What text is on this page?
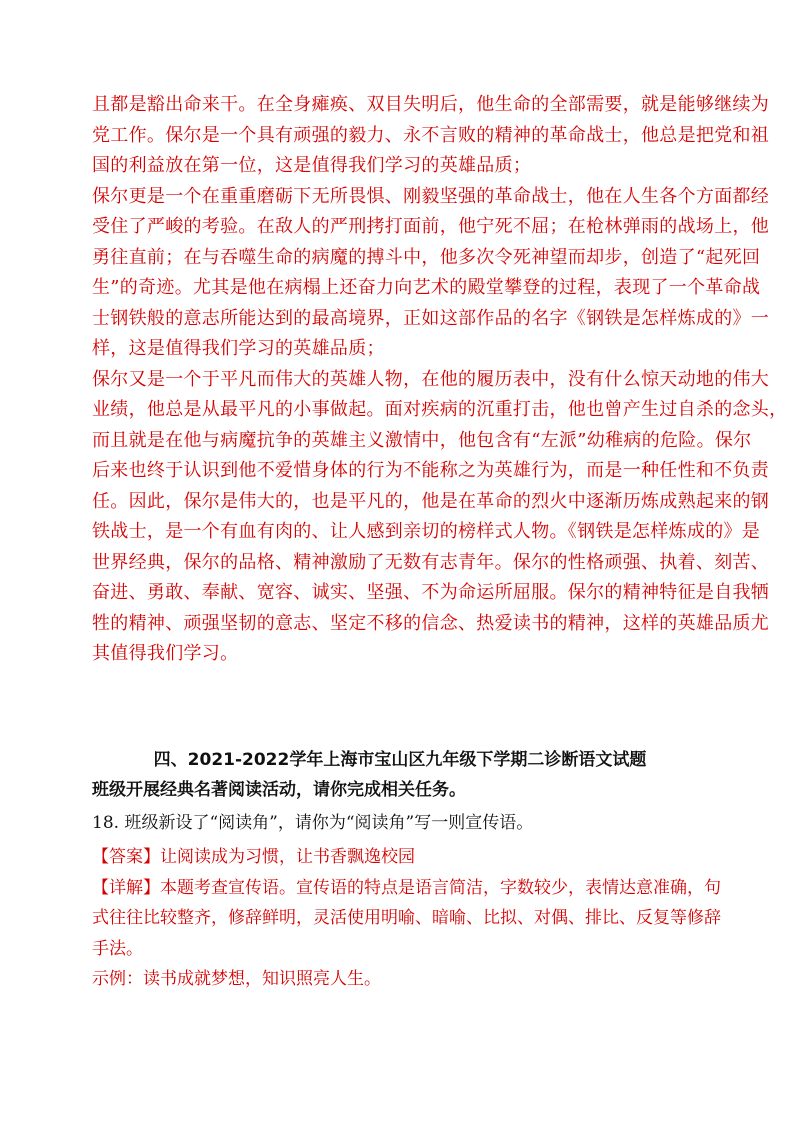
且都是豁出命来干。在全身瘫痪、双目失明后，他生命的全部需要，就是能够继续为
党工作。保尔是一个具有顽强的毅力、永不言败的精神的革命战士，他总是把党和祖
国的利益放在第一位，这是值得我们学习的英雄品质；
保尔更是一个在重重磨砺下无所畏惧、刚毅坚强的革命战士，他在人生各个方面都经
受住了严峻的考验。在敌人的严刑拷打面前，他宁死不屈；在枪林弹雨的战场上，他
勇往直前；在与吞噬生命的病魔的搏斗中，他多次令死神望而却步，创造了“起死回
生”的奇迹。尤其是他在病榻上还奋力向艺术的殿堂攀登的过程，表现了一个革命战
士钢铁般的意志所能达到的最高境界，正如这部作品的名字《钢铁是怎样炼成的》一
样，这是值得我们学习的英雄品质；
保尔又是一个于平凡而伟大的英雄人物，在他的履历表中，没有什么惊天动地的伟大
业绩，他总是从最平凡的小事做起。面对疾病的沉重打击，他也曾产生过自杀的念头，
而且就是在他与病魔抗争的英雄主义激情中，他包含有“左派”幼稚病的危险。保尔
后来也终于认识到他不爱惜身体的行为不能称之为英雄行为，而是一种任性和不负责
任。因此，保尔是伟大的，也是平凡的，他是在革命的烈火中逐渐历炼成熟起来的钢
铁战士，是一个有血有肉的、让人感到亲切的榜样式人物。《钢铁是怎样炼成的》是
世界经典，保尔的品格、精神激励了无数有志青年。保尔的性格顽强、执着、刻苦、
奋进、勇敢、奉献、宽容、诚实、坚强、不为命运所屈服。保尔的精神特征是自我牺
牲的精神、顽强坚韧的意志、坚定不移的信念、热爱读书的精神，这样的英雄品质尤
其值得我们学习。
四、2021-2022学年上海市宝山区九年级下学期二诊断语文试题
班级开展经典名著阅读活动，请你完成相关任务。
18. 班级新设了“阅读角”，请你为“阅读角”写一则宣传语。
【答案】让阅读成为习惯，让书香飘逸校园
【详解】本题考查宣传语。宣传语的特点是语言简洁，字数较少，表情达意准确，句
式往往比较整齐，修辞鲜明，灵活使用明喻、暗喻、比拟、对偶、排比、反复等修辞
手法。
示例：读书成就梦想，知识照亮人生。
